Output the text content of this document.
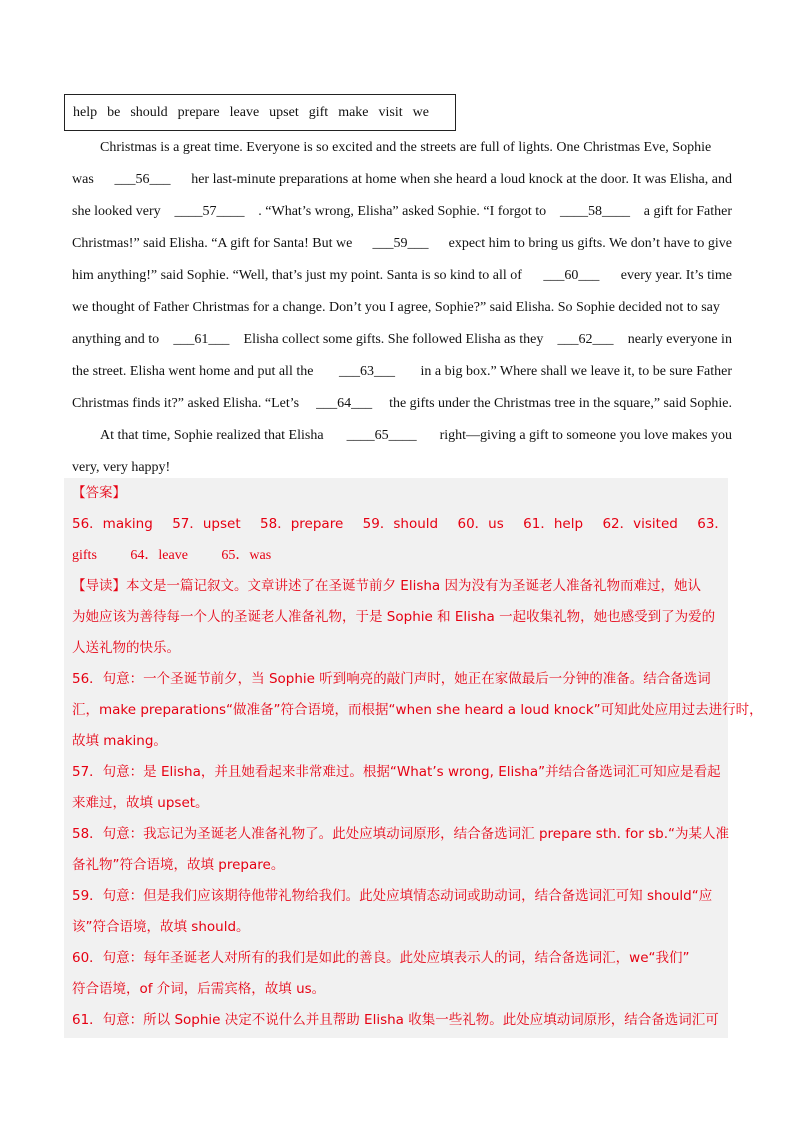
help be should prepare leave upset gift make visit we
Christmas is a great time. Everyone is so excited and the streets are full of lights. One Christmas Eve, Sophie
was ___56___ her last-minute preparations at home when she heard a loud knock at the door. It was Elisha, and
she looked very ____57____ . “What’s wrong, Elisha” asked Sophie. “I forgot to ____58____ a gift for Father
Christmas!” said Elisha. “A gift for Santa! But we ___59___ expect him to bring us gifts. We don’t have to give
him anything!” said Sophie. “Well, that’s just my point. Santa is so kind to all of ___60___ every year. It’s time
we thought of Father Christmas for a change. Don’t you I agree, Sophie?” said Elisha. So Sophie decided not to say
anything and to ___61___ Elisha collect some gifts. She followed Elisha as they ___62___ nearly everyone in
the street. Elisha went home and put all the ___63___ in a big box.” Where shall we leave it, to be sure Father
Christmas finds it?” asked Elisha. “Let’s ___64___ the gifts under the Christmas tree in the square,” said Sophie.
At that time, Sophie realized that Elisha ____65____ right—giving a gift to someone you love makes you
very, very happy!
【答案】
56．making 57．upset 58．prepare 59．should 60．us 61．help 62．visited 63．
gifts 64．leave 65．was
【导读】本文是一篇记叙文。文章讲述了在圣诞节前夕 Elisha 因为没有为圣诞老人准备礼物而难过，她认
为她应该为善待每一个人的圣诞老人准备礼物，于是 Sophie 和 Elisha 一起收集礼物，她也感受到了为爱的
人送礼物的快乐。
56．句意：一个圣诞节前夕，当 Sophie 听到响亮的敲门声时，她正在家做最后一分钟的准备。结合备选词
汇，make preparations“做准备”符合语境，而根据“when she heard a loud knock”可知此处应用过去进行时，
故填 making。
57．句意：是 Elisha，并且她看起来非常难过。根据“What’s wrong, Elisha”并结合备选词汇可知应是看起
来难过，故填 upset。
58．句意：我忘记为圣诞老人准备礼物了。此处应填动词原形，结合备选词汇 prepare sth. for sb.“为某人准
备礼物”符合语境，故填 prepare。
59．句意：但是我们应该期待他带礼物给我们。此处应填情态动词或助动词，结合备选词汇可知 should“应
该”符合语境，故填 should。
60．句意：每年圣诞老人对所有的我们是如此的善良。此处应填表示人的词，结合备选词汇，we“我们”
符合语境，of 介词，后需宾格，故填 us。
61．句意：所以 Sophie 决定不说什么并且帮助 Elisha 收集一些礼物。此处应填动词原形，结合备选词汇可
